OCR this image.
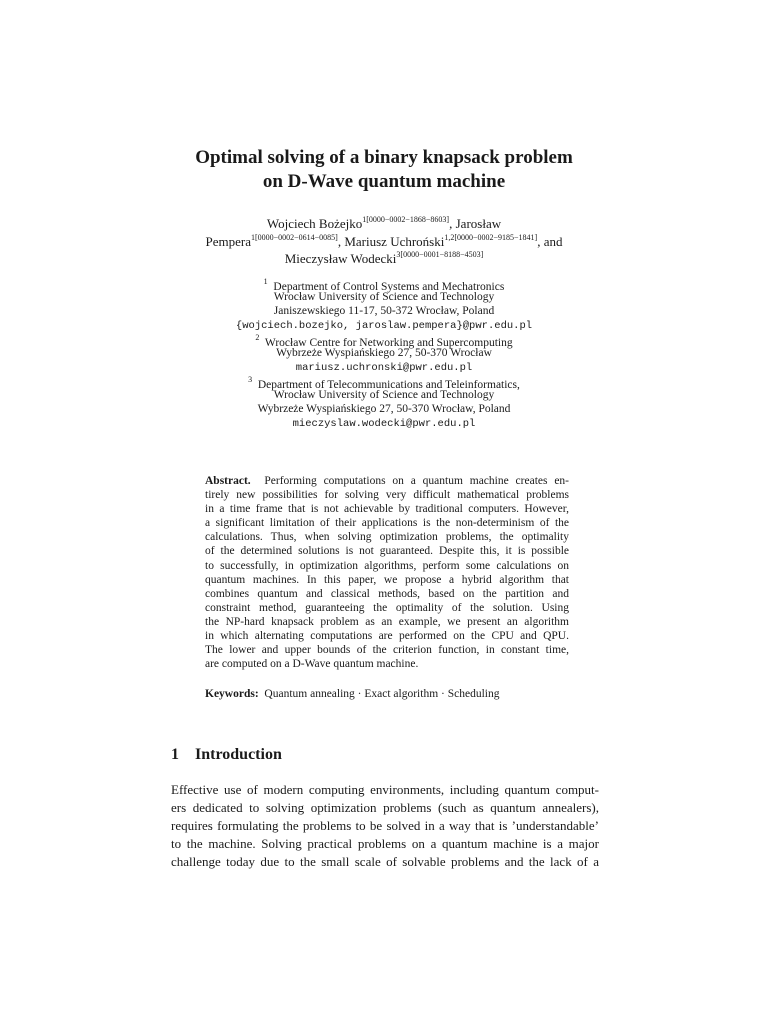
Optimal solving of a binary knapsack problem
on D-Wave quantum machine
Wojciech Bożejko$^{1[0000-0002-1868-8603]}$, Jarosław
Pempera$^{1[0000-0002-0614-0085]}$, Mariusz Uchroński$^{1,2[0000-0002-9185-1841]}$, and
Mieczysław Wodecki$^{3[0000-0001-8188-4503]}$
$^1$ Department of Control Systems and Mechatronics
Wrocław University of Science and Technology
Janiszewskiego 11-17, 50-372 Wrocław, Poland
{wojciech.bozejko, jaroslaw.pempera}@pwr.edu.pl
$^2$ Wrocław Centre for Networking and Supercomputing
Wybrzeże Wyspiańskiego 27, 50-370 Wrocław
mariusz.uchronski@pwr.edu.pl
$^3$ Department of Telecommunications and Teleinformatics,
Wrocław University of Science and Technology
Wybrzeże Wyspiańskiego 27, 50-370 Wrocław, Poland
mieczyslaw.wodecki@pwr.edu.pl
Abstract. Performing computations on a quantum machine creates en-
tirely new possibilities for solving very difficult mathematical problems
in a time frame that is not achievable by traditional computers. However,
a significant limitation of their applications is the non-determinism of the
calculations. Thus, when solving optimization problems, the optimality
of the determined solutions is not guaranteed. Despite this, it is possible
to successfully, in optimization algorithms, perform some calculations on
quantum machines. In this paper, we propose a hybrid algorithm that
combines quantum and classical methods, based on the partition and
constraint method, guaranteeing the optimality of the solution. Using
the NP-hard knapsack problem as an example, we present an algorithm
in which alternating computations are performed on the CPU and QPU.
The lower and upper bounds of the criterion function, in constant time,
are computed on a D-Wave quantum machine.
Keywords: Quantum annealing · Exact algorithm · Scheduling
1 Introduction
Effective use of modern computing environments, including quantum comput-
ers dedicated to solving optimization problems (such as quantum annealers),
requires formulating the problems to be solved in a way that is ’understandable’
to the machine. Solving practical problems on a quantum machine is a major
challenge today due to the small scale of solvable problems and the lack of a
